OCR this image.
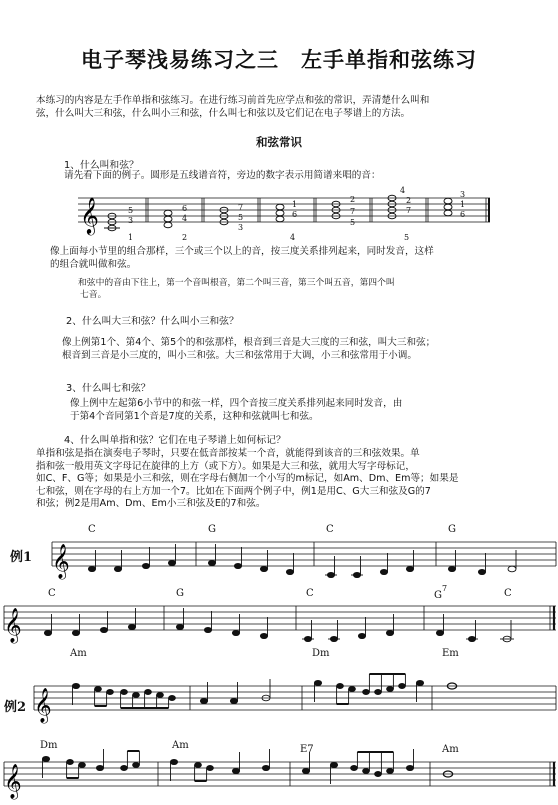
电子琴浅易练习之三　左手单指和弦练习
本练习的内容是左手作单指和弦练习。在进行练习前首先应学点和弦的常识，弄清楚什么叫和
弦，什么叫大三和弦，什么叫小三和弦，什么叫七和弦以及它们记在电子琴谱上的方法。
和弦常识
1、什么叫和弦？
请先看下面的例子。圆形是五线谱音符，旁边的数字表示用简谱来唱的音：
𝄞	5
3
1
6
4
2
7
5
3
1
6
4
2
7
5
4
2
7
5
3
1
6
像上面每小节里的组合那样，三个或三个以上的音，按三度关系排列起来，同时发音，这样
的组合就叫做和弦。
和弦中的音由下往上，第一个音叫根音，第二个叫三音，第三个叫五音，第四个叫
七音。
2、什么叫大三和弦？什么叫小三和弦？
像上例第1个、第4个、第5个的和弦那样，根音到三音是大三度的三和弦，叫大三和弦；
根音到三音是小三度的，叫小三和弦。大三和弦常用于大调，小三和弦常用于小调。
3、什么叫七和弦？
像上例中左起第6小节中的和弦一样，四个音按三度关系排列起来同时发音，由
于第4个音同第1个音是7度的关系，这种和弦就叫七和弦。
4、什么叫单指和弦？它们在电子琴谱上如何标记？
单指和弦是指在演奏电子琴时，只要在低音部按某一个音，就能得到该音的三和弦效果。单
指和弦一般用英文字母记在旋律的上方（或下方）。如果是大三和弦，就用大写字母标记，
如C、F、G等；如果是小三和弦，则在字母右侧加一个小写的m标记，如Am、Dm、Em等；如果是
七和弦，则在字母的右上方加一个7。比如在下面两个例子中，例1是用C、G大三和弦及G的7
和弦；例2是用Am、Dm、Em小三和弦及E的7和弦。
例1
C	G	C	G
𝄞
C	G	C	G
7	C
𝄞
例2
Am	Dm	Em
𝄞
Dm	Am	E7	Am
𝄞
